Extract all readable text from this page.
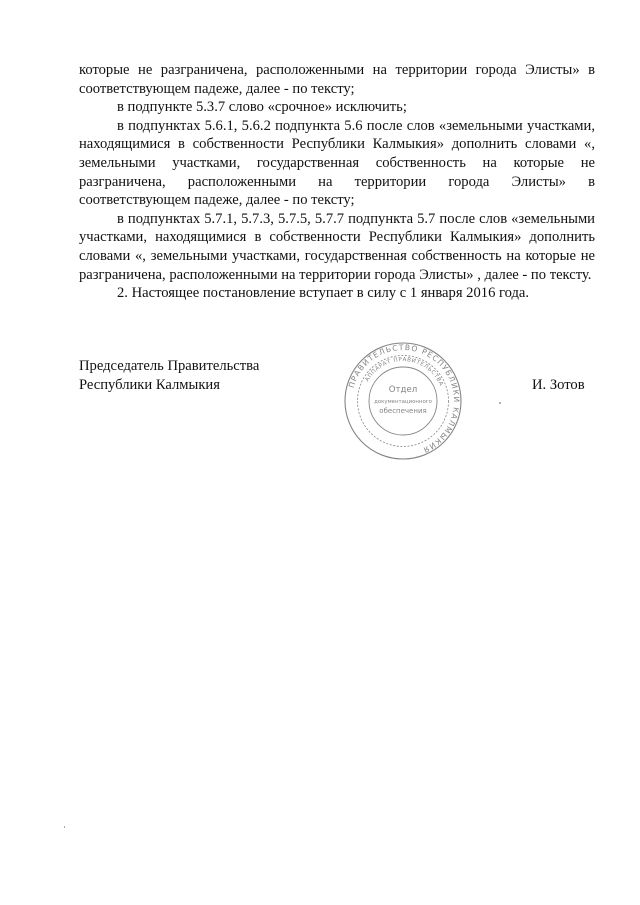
которые не разграничена, расположенными на территории города Элисты» в соответствующем падеже, далее - по тексту;

в подпункте 5.3.7 слово «срочное» исключить;

в подпунктах 5.6.1, 5.6.2 подпункта 5.6 после слов «земельными участками, находящимися в собственности Республики Калмыкия» дополнить словами «, земельными участками, государственная собственность на которые не разграничена, расположенными на территории города Элисты» в соответствующем падеже, далее - по тексту;

в подпунктах 5.7.1, 5.7.3, 5.7.5, 5.7.7 подпункта 5.7 после слов «земельными участками, находящимися в собственности Республики Калмыкия» дополнить словами «, земельными участками, государственная собственность на которые не разграничена, расположенными на территории города Элисты» , далее - по тексту.

2. Настоящее постановление вступает в силу с 1 января 2016 года.

Председатель Правительства
Республики Калмыкия	И. Зотов
ПРАВИТЕЛЬСТВО РЕСПУБЛИКИ КАЛМЫКИЯ
АППАРАТ ПРАВИТЕЛЬСТВА
Отдел
документационного
обеспечения
